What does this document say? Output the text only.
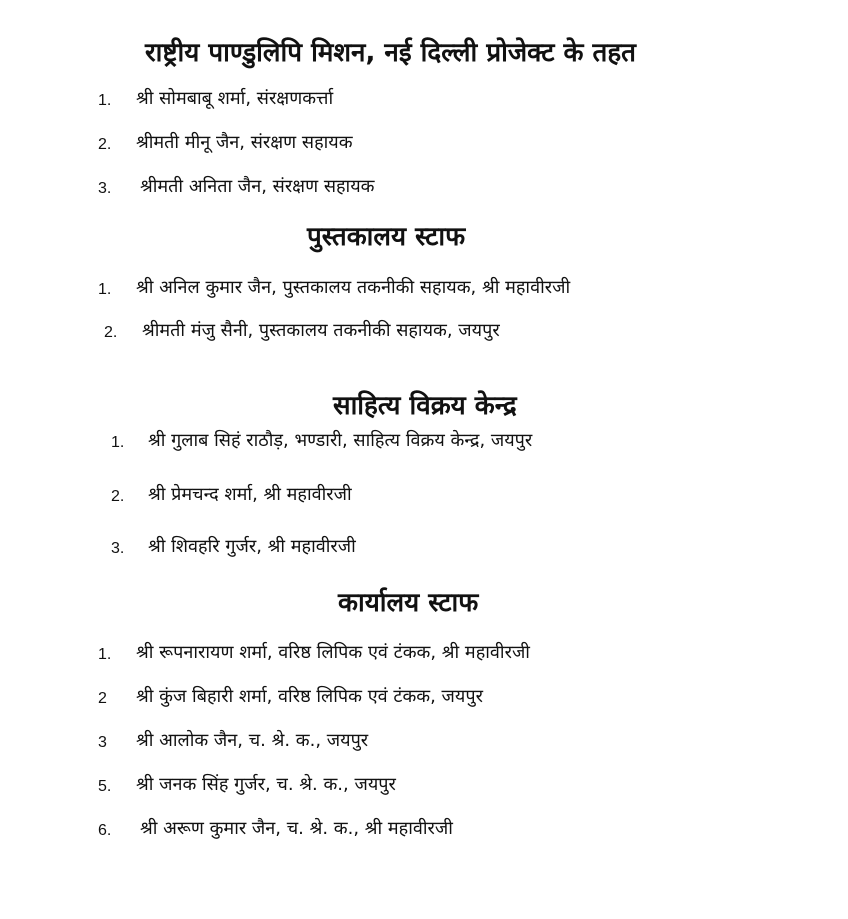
राष्ट्रीय पाण्डुलिपि मिशन, नई दिल्ली प्रोजेक्ट के तहत
1. श्री सोमबाबू शर्मा, संरक्षणकर्त्ता
2. श्रीमती मीनू जैन, संरक्षण सहायक
3. श्रीमती अनिता जैन, संरक्षण सहायक
पुस्तकालय स्टाफ
1. श्री अनिल कुमार जैन, पुस्तकालय तकनीकी सहायक, श्री महावीरजी
2. श्रीमती मंजु सैनी, पुस्तकालय तकनीकी सहायक, जयपुर
साहित्य विक्रय केन्द्र
1. श्री गुलाब सिहं राठौड़, भण्डारी, साहित्य विक्रय केन्द्र, जयपुर
2. श्री प्रेमचन्द शर्मा, श्री महावीरजी
3. श्री शिवहरि गुर्जर, श्री महावीरजी
कार्यालय स्टाफ
1. श्री रूपनारायण शर्मा, वरिष्ठ लिपिक एवं टंकक, श्री महावीरजी
2 श्री कुंज बिहारी शर्मा, वरिष्ठ लिपिक एवं टंकक, जयपुर
3 श्री आलोक जैन, च. श्रे. क., जयपुर
5. श्री जनक सिंह गुर्जर, च. श्रे. क., जयपुर
6. श्री अरूण कुमार जैन, च. श्रे. क., श्री महावीरजी
